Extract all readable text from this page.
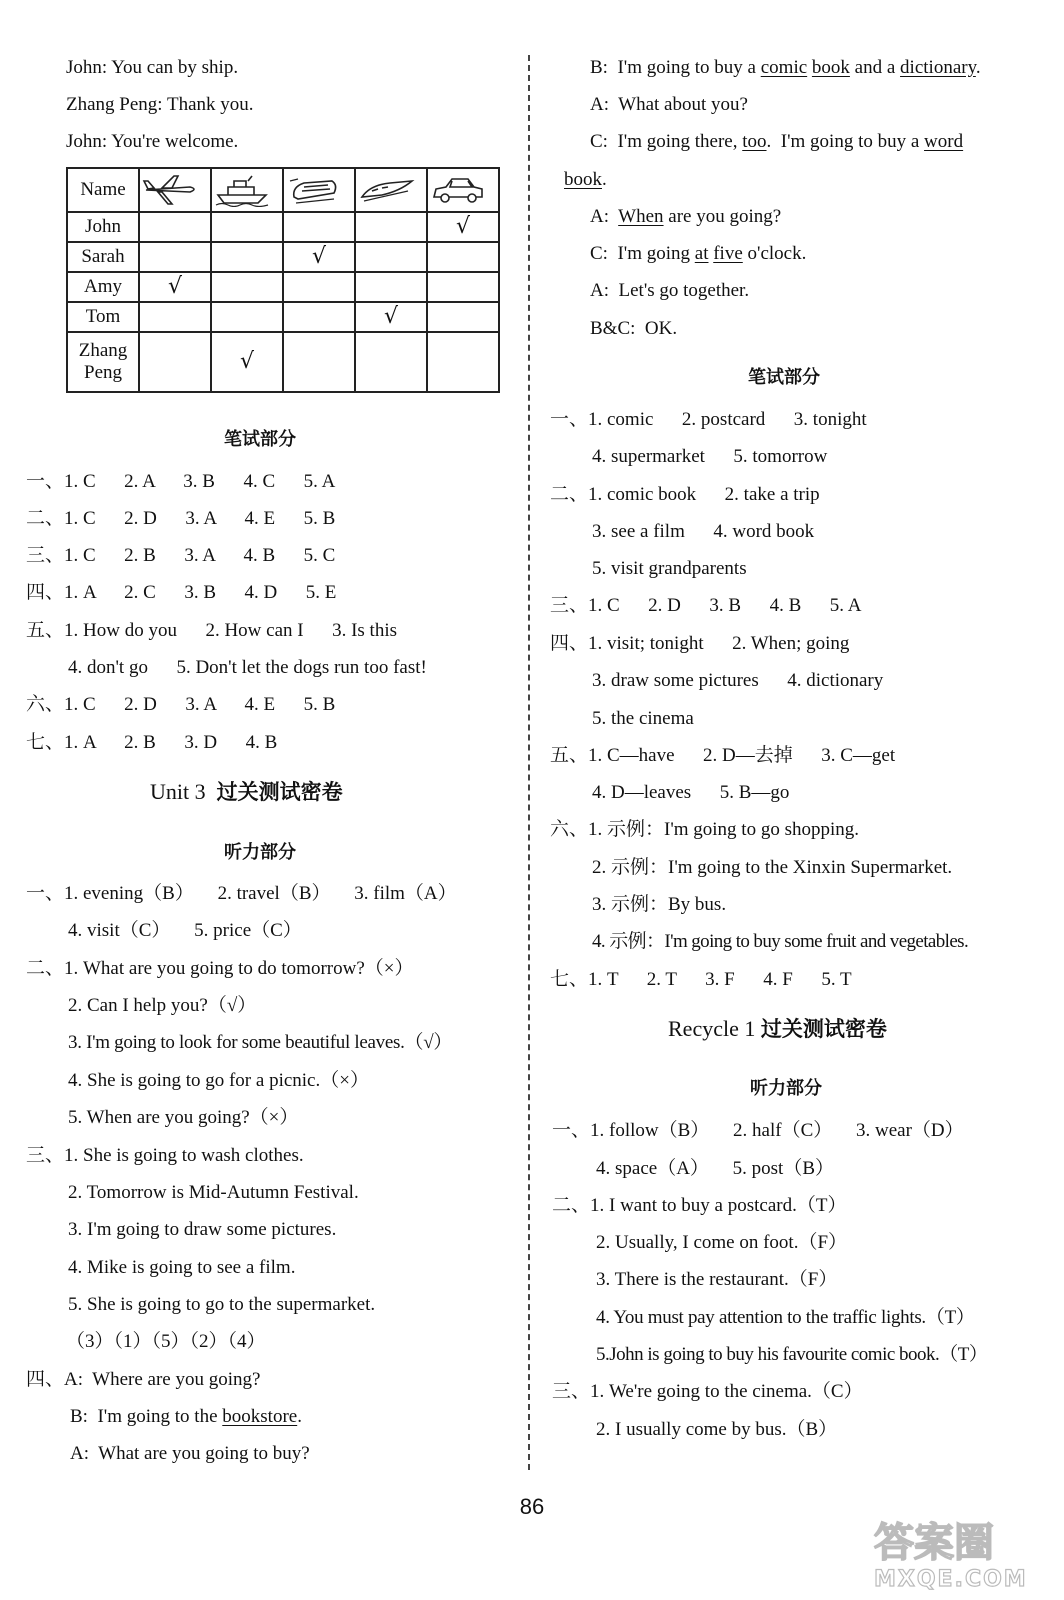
John: You can by ship.
Zhang Peng: Thank you.
John: You're welcome.
Name	

John					√
Sarah			√		
Amy	√				
Tom				√	
Zhang
Peng		√			
笔试部分
一、1. C      2. A      3. B      4. C      5. A
二、1. C      2. D      3. A      4. E      5. B
三、1. C      2. B      3. A      4. B      5. C
四、1. A      2. C      3. B      4. D      5. E
五、1. How do you      2. How can I      3. Is this
4. don't go      5. Don't let the dogs run too fast!
六、1. C      2. D      3. A      4. E      5. B
七、1. A      2. B      3. D      4. B
Unit 3 过关测试密卷
听力部分
一、1. evening（B）     2. travel（B）     3. film（A）
4. visit（C）     5. price（C）
二、1. What are you going to do tomorrow?（×）
2. Can I help you?（√）
3. I'm going to look for some beautiful leaves.（√）
4. She is going to go for a picnic.（×）
5. When are you going?（×）
三、1. She is going to wash clothes.
2. Tomorrow is Mid-Autumn Festival.
3. I'm going to draw some pictures.
4. Mike is going to see a film.
5. She is going to go to the supermarket.
（3）（1）（5）（2）（4）
四、A:  Where are you going?
B:  I'm going to the bookstore.
A:  What are you going to buy?
B:  I'm going to buy a comic book and a dictionary.
A:  What about you?
C:  I'm going there, too.  I'm going to buy a word
book.
A:  When are you going?
C:  I'm going at five o'clock.
A:  Let's go together.
B&C:  OK.
笔试部分
一、1. comic      2. postcard      3. tonight
4. supermarket      5. tomorrow
二、1. comic book      2. take a trip
3. see a film      4. word book
5. visit grandparents
三、1. C      2. D      3. B      4. B      5. A
四、1. visit; tonight      2. When; going
3. draw some pictures      4. dictionary
5. the cinema
五、1. C—have      2. D—去掉      3. C—get
4. D—leaves      5. B—go
六、1. 示例：I'm going to go shopping.
2. 示例：I'm going to the Xinxin Supermarket.
3. 示例：By bus.
4. 示例：I'm going to buy some fruit and vegetables.
七、1. T      2. T      3. F      4. F      5. T
Recycle 1 过关测试密卷
听力部分
一、1. follow（B）     2. half（C）     3. wear（D）
4. space（A）     5. post（B）
二、1. I want to buy a postcard.（T）
2. Usually, I come on foot.（F）
3. There is the restaurant.（F）
4. You must pay attention to the traffic lights.（T）
5.John is going to buy his favourite comic book.（T）
三、1. We're going to the cinema.（C）
2. I usually come by bus.（B）
86
答案圈
MXQE.COM
